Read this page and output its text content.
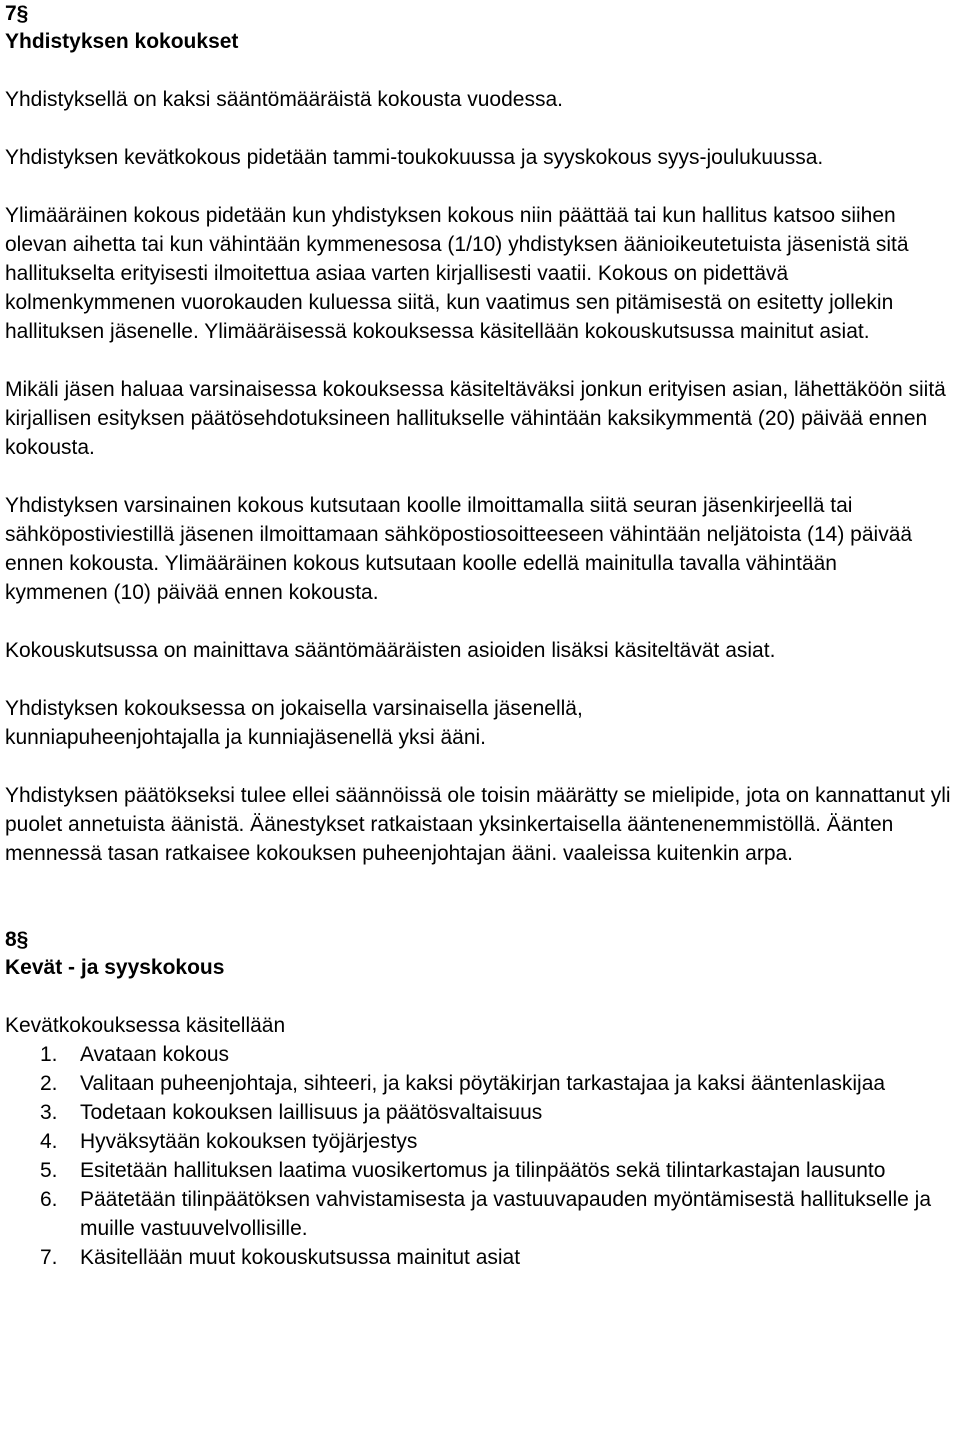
7§

Yhdistyksen kokoukset

Yhdistyksellä on kaksi sääntömääräistä kokousta vuodessa.

Yhdistyksen kevätkokous pidetään tammi-toukokuussa ja syyskokous syys-joulukuussa.

Ylimääräinen kokous pidetään kun yhdistyksen kokous niin päättää tai kun hallitus katsoo siihen olevan aihetta tai kun vähintään kymmenesosa (1/10) yhdistyksen äänioikeutetuista jäsenistä sitä hallitukselta erityisesti ilmoitettua asiaa varten kirjallisesti vaatii. Kokous on pidettävä kolmenkymmenen vuorokauden kuluessa siitä, kun vaatimus sen pitämisestä on esitetty jollekin hallituksen jäsenelle. Ylimääräisessä kokouksessa käsitellään kokouskutsussa mainitut asiat.

Mikäli jäsen haluaa varsinaisessa kokouksessa käsiteltäväksi jonkun erityisen asian, lähettäköön siitä kirjallisen esityksen päätösehdotuksineen hallitukselle vähintään kaksikymmentä (20) päivää ennen kokousta.

Yhdistyksen varsinainen kokous kutsutaan koolle ilmoittamalla siitä seuran jäsenkirjeellä tai sähköpostiviestillä jäsenen ilmoittamaan sähköpostiosoitteeseen vähintään neljätoista (14) päivää ennen kokousta. Ylimääräinen kokous kutsutaan koolle edellä mainitulla tavalla vähintään kymmenen (10) päivää ennen kokousta.

Kokouskutsussa on mainittava sääntömääräisten asioiden lisäksi käsiteltävät asiat.

Yhdistyksen kokouksessa on jokaisella varsinaisella jäsenellä, kunniapuheenjohtajalla ja kunniajäsenellä yksi ääni.

Yhdistyksen päätökseksi tulee ellei säännöissä ole toisin määrätty se mielipide, jota on kannattanut yli puolet annetuista äänistä. Äänestykset ratkaistaan yksinkertaisella ääntenenemmistöllä. Äänten mennessä tasan ratkaisee kokouksen puheenjohtajan ääni. vaaleissa kuitenkin arpa.

8§

Kevät - ja syyskokous

Kevätkokouksessa käsitellään

1. Avataan kokous
2. Valitaan puheenjohtaja, sihteeri, ja kaksi pöytäkirjan tarkastajaa ja kaksi ääntenlaskijaa
3. Todetaan kokouksen laillisuus ja päätösvaltaisuus
4. Hyväksytään kokouksen työjärjestys
5. Esitetään hallituksen laatima vuosikertomus ja tilinpäätös sekä tilintarkastajan lausunto
6. Päätetään tilinpäätöksen vahvistamisesta ja vastuuvapauden myöntämisestä hallitukselle ja muille vastuuvelvollisille.
7. Käsitellään muut kokouskutsussa mainitut asiat
